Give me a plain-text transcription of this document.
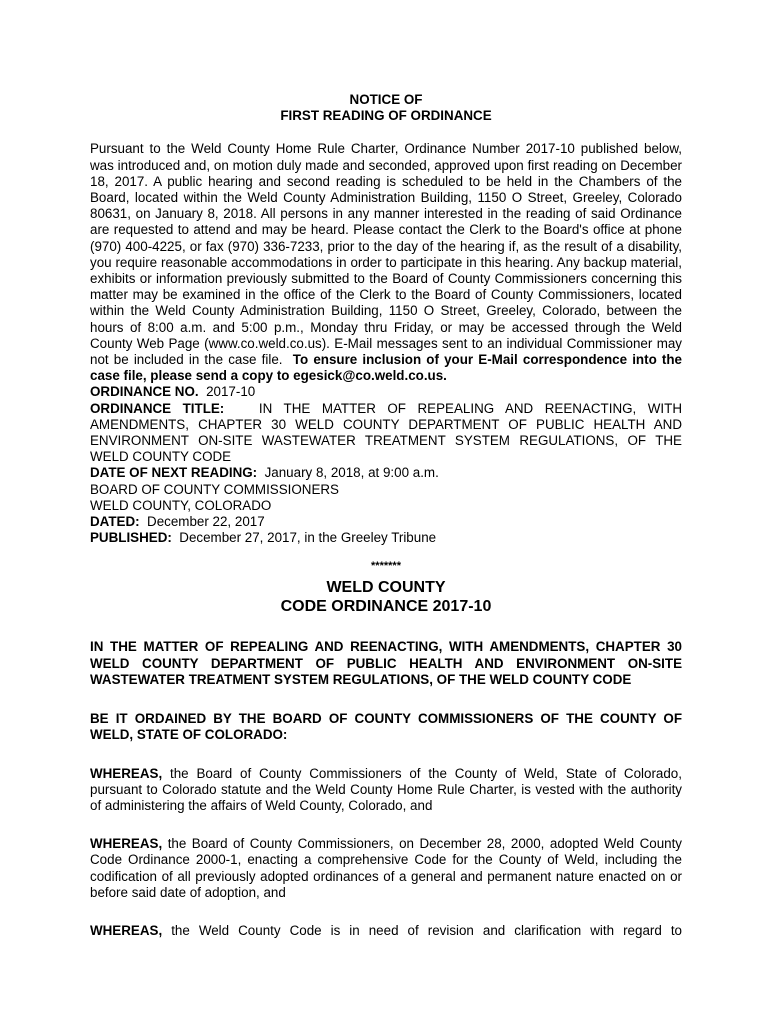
NOTICE OF
FIRST READING OF ORDINANCE

Pursuant to the Weld County Home Rule Charter, Ordinance Number 2017-10 published below, was introduced and, on motion duly made and seconded, approved upon first reading on December 18, 2017. A public hearing and second reading is scheduled to be held in the Chambers of the Board, located within the Weld County Administration Building, 1150 O Street, Greeley, Colorado 80631, on January 8, 2018. All persons in any manner interested in the reading of said Ordinance are requested to attend and may be heard. Please contact the Clerk to the Board's office at phone (970) 400-4225, or fax (970) 336-7233, prior to the day of the hearing if, as the result of a disability, you require reasonable accommodations in order to participate in this hearing. Any backup material, exhibits or information previously submitted to the Board of County Commissioners concerning this matter may be examined in the office of the Clerk to the Board of County Commissioners, located within the Weld County Administration Building, 1150 O Street, Greeley, Colorado, between the hours of 8:00 a.m. and 5:00 p.m., Monday thru Friday, or may be accessed through the Weld County Web Page (www.co.weld.co.us). E-Mail messages sent to an individual Commissioner may not be included in the case file. To ensure inclusion of your E-Mail correspondence into the case file, please send a copy to egesick@co.weld.co.us.

ORDINANCE NO. 2017-10

ORDINANCE TITLE:	IN THE MATTER OF REPEALING AND REENACTING, WITH AMENDMENTS, CHAPTER 30 WELD COUNTY DEPARTMENT OF PUBLIC HEALTH AND ENVIRONMENT ON-SITE WASTEWATER TREATMENT SYSTEM REGULATIONS, OF THE WELD COUNTY CODE

DATE OF NEXT READING: January 8, 2018, at 9:00 a.m.
BOARD OF COUNTY COMMISSIONERS
WELD COUNTY, COLORADO
DATED: December 22, 2017
PUBLISHED: December 27, 2017, in the Greeley Tribune
*******
WELD COUNTY
CODE ORDINANCE 2017-10

IN THE MATTER OF REPEALING AND REENACTING, WITH AMENDMENTS, CHAPTER 30 WELD COUNTY DEPARTMENT OF PUBLIC HEALTH AND ENVIRONMENT ON-SITE WASTEWATER TREATMENT SYSTEM REGULATIONS, OF THE WELD COUNTY CODE

BE IT ORDAINED BY THE BOARD OF COUNTY COMMISSIONERS OF THE COUNTY OF WELD, STATE OF COLORADO:

WHEREAS, the Board of County Commissioners of the County of Weld, State of Colorado, pursuant to Colorado statute and the Weld County Home Rule Charter, is vested with the authority of administering the affairs of Weld County, Colorado, and

WHEREAS, the Board of County Commissioners, on December 28, 2000, adopted Weld County Code Ordinance 2000-1, enacting a comprehensive Code for the County of Weld, including the codification of all previously adopted ordinances of a general and permanent nature enacted on or before said date of adoption, and

WHEREAS, the Weld County Code is in need of revision and clarification with regard to
